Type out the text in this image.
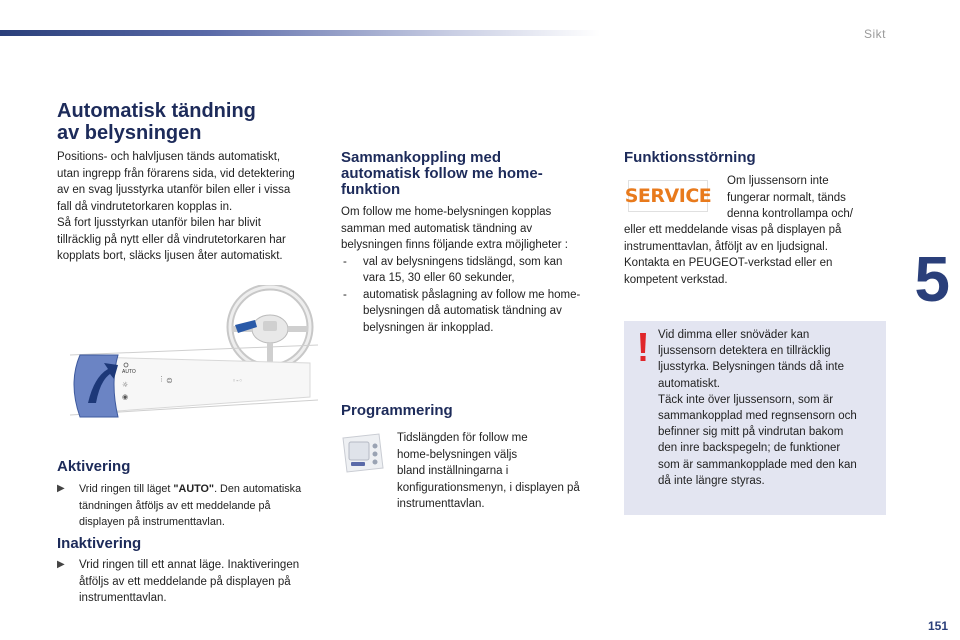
Sikt
5
151
Automatisk tändning
av belysningen
Positions- och halvljusen tänds automatiskt,
utan ingrepp från förarens sida, vid detektering
av en svag ljusstyrka utanför bilen eller i vissa
fall då vindrutetorkaren kopplas in.
Så fort ljusstyrkan utanför bilen har blivit
tillräcklig på nytt eller då vindrutetorkaren har
kopplats bort, släcks ljusen åter automatiskt.
AUTO
☼
◉
⋮ ⊜	◦-◦
Aktivering
▶	Vrid ringen till läget "AUTO". Den automatiska
tändningen åtföljs av ett meddelande på
displayen på instrumenttavlan.
Inaktivering
▶	Vrid ringen till ett annat läge. Inaktiveringen
åtföljs av ett meddelande på displayen på
instrumenttavlan.
Sammankoppling med
automatisk follow me home-
funktion
Om follow me home-belysningen kopplas
samman med automatisk tändning av
belysningen finns följande extra möjligheter :
- val av belysningens tidslängd, som kan
vara 15, 30 eller 60 sekunder,
- automatisk påslagning av follow me home-
belysningen då automatisk tändning av
belysningen är inkopplad.
Programmering
Tidslängden för follow me
home-belysningen väljs
bland inställningarna i
konfigurationsmenyn, i displayen på
instrumenttavlan.
Funktionsstörning
SERVICE
Om ljussensorn inte
fungerar normalt, tänds
denna kontrollampa och/
eller ett meddelande visas på displayen på
instrumenttavlan, åtföljt av en ljudsignal.
Kontakta en PEUGEOT-verkstad eller en
kompetent verkstad.
Vid dimma eller snöväder kan
ljussensorn detektera en tillräcklig
ljusstyrka. Belysningen tänds då inte
automatiskt.
Täck inte över ljussensorn, som är
sammankopplad med regnsensorn och
befinner sig mitt på vindrutan bakom
den inre backspegeln; de funktioner
som är sammankopplade med den kan
då inte längre styras.
